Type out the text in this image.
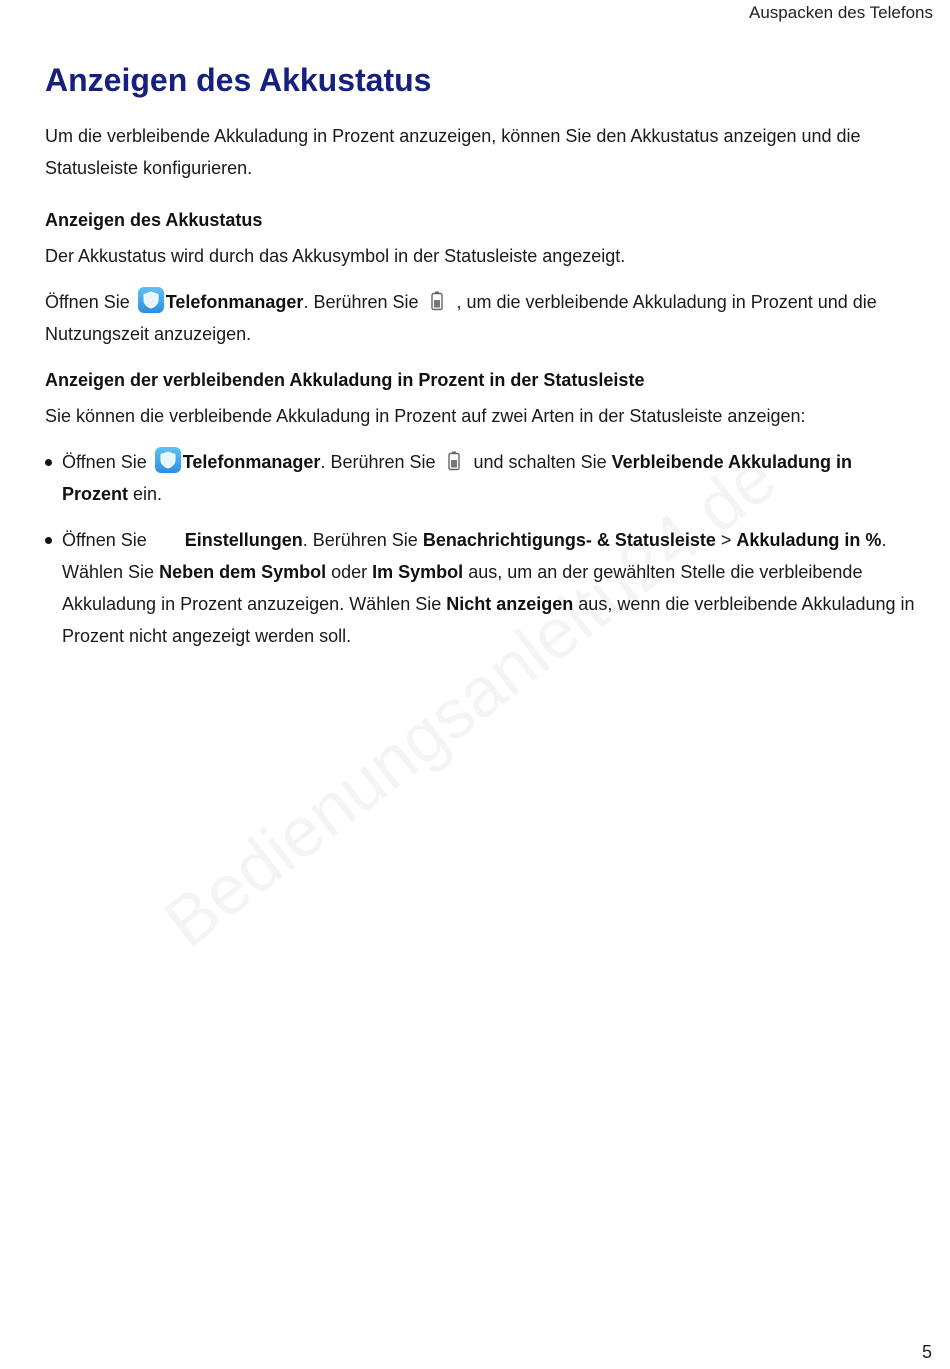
Auspacken des Telefons
Anzeigen des Akkustatus

Um die verbleibende Akkuladung in Prozent anzuzeigen, können Sie den Akkustatus anzeigen und die Statusleiste konfigurieren.

Anzeigen des Akkustatus

Der Akkustatus wird durch das Akkusymbol in der Statusleiste angezeigt.

Öffnen Sie Telefonmanager. Berühren Sie , um die verbleibende Akkuladung in Prozent und die Nutzungszeit anzuzeigen.

Anzeigen der verbleibenden Akkuladung in Prozent in der Statusleiste

Sie können die verbleibende Akkuladung in Prozent auf zwei Arten in der Statusleiste anzeigen:

Öffnen Sie Telefonmanager. Berühren Sie und schalten Sie Verbleibende Akkuladung in Prozent ein.
Öffnen Sie Einstellungen. Berühren Sie Benachrichtigungs- & Statusleiste > Akkuladung in %. Wählen Sie Neben dem Symbol oder Im Symbol aus, um an der gewählten Stelle die verbleibende Akkuladung in Prozent anzuzeigen. Wählen Sie Nicht anzeigen aus, wenn die verbleibende Akkuladung in Prozent nicht angezeigt werden soll.
5
